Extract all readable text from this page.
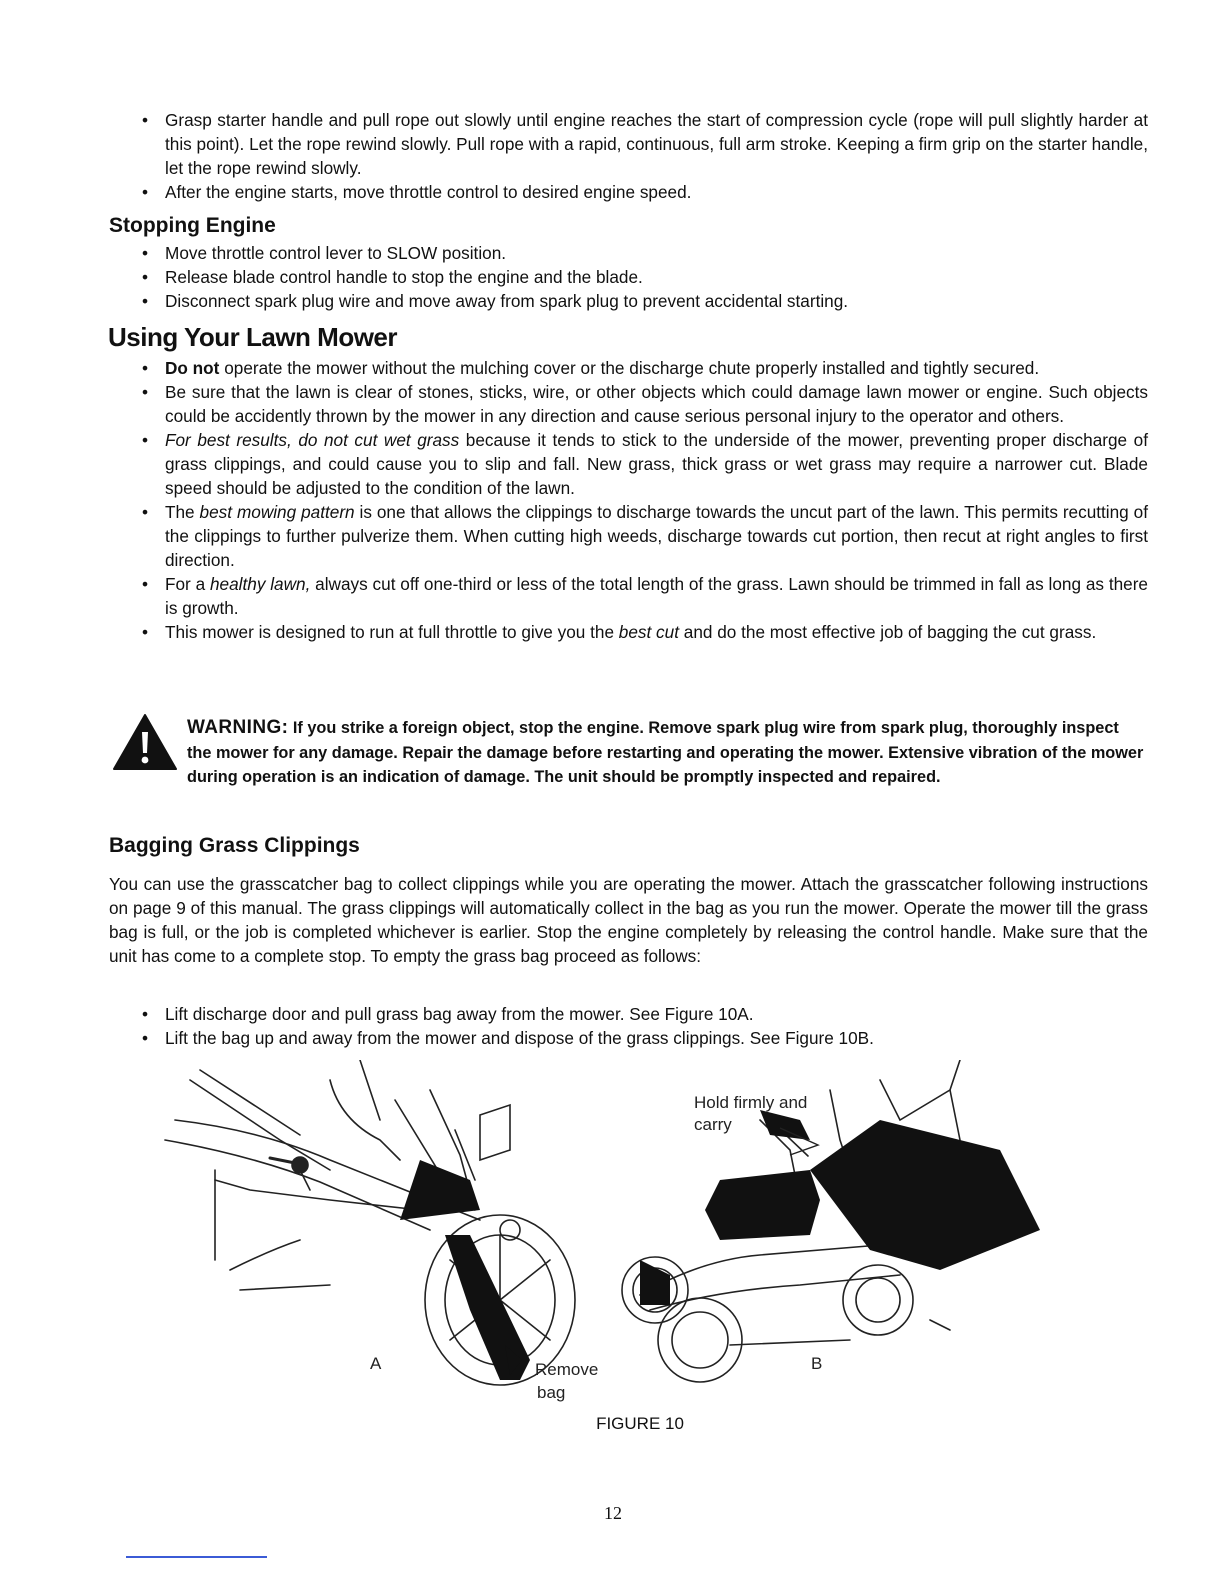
• Grasp starter handle and pull rope out slowly until engine reaches the start of compression cycle (rope will pull slightly harder at this point). Let the rope rewind slowly. Pull rope with a rapid, continuous, full arm stroke. Keeping a firm grip on the starter handle, let the rope rewind slowly.
• After the engine starts, move throttle control to desired engine speed.
Stopping Engine
• Move throttle control lever to SLOW position.
• Release blade control handle to stop the engine and the blade.
• Disconnect spark plug wire and move away from spark plug to prevent accidental starting.
Using Your Lawn Mower
• Do not operate the mower without the mulching cover or the discharge chute properly installed and tightly secured.
• Be sure that the lawn is clear of stones, sticks, wire, or other objects which could damage lawn mower or engine. Such objects could be accidently thrown by the mower in any direction and cause serious personal injury to the operator and others.
• For best results, do not cut wet grass because it tends to stick to the underside of the mower, preventing proper discharge of grass clippings, and could cause you to slip and fall. New grass, thick grass or wet grass may require a narrower cut. Blade speed should be adjusted to the condition of the lawn.
• The best mowing pattern is one that allows the clippings to discharge towards the uncut part of the lawn. This permits recutting of the clippings to further pulverize them. When cutting high weeds, discharge towards cut portion, then recut at right angles to first direction.
• For a healthy lawn, always cut off one-third or less of the total length of the grass. Lawn should be trimmed in fall as long as there is growth.
• This mower is designed to run at full throttle to give you the best cut and do the most effective job of bagging the cut grass.
WARNING: If you strike a foreign object, stop the engine. Remove spark plug wire from spark plug, thoroughly inspect the mower for any damage. Repair the damage before restarting and operating the mower. Extensive vibration of the mower during operation is an indication of damage. The unit should be promptly inspected and repaired.
Bagging Grass Clippings
You can use the grasscatcher bag to collect clippings while you are operating the mower. Attach the grasscatcher following instructions on page 9 of this manual. The grass clippings will automatically collect in the bag as you run the mower. Operate the mower till the grass bag is full, or the job is completed whichever is earlier. Stop the engine completely by releasing the control handle. Make sure that the unit has come to a complete stop. To empty the grass bag proceed as follows:
• Lift discharge door and pull grass bag away from the mower. See Figure 10A.
• Lift the bag up and away from the mower and dispose of the grass clippings. See Figure 10B.
A	Remove
bag
Hold firmly and
carry
B
FIGURE 10
12
